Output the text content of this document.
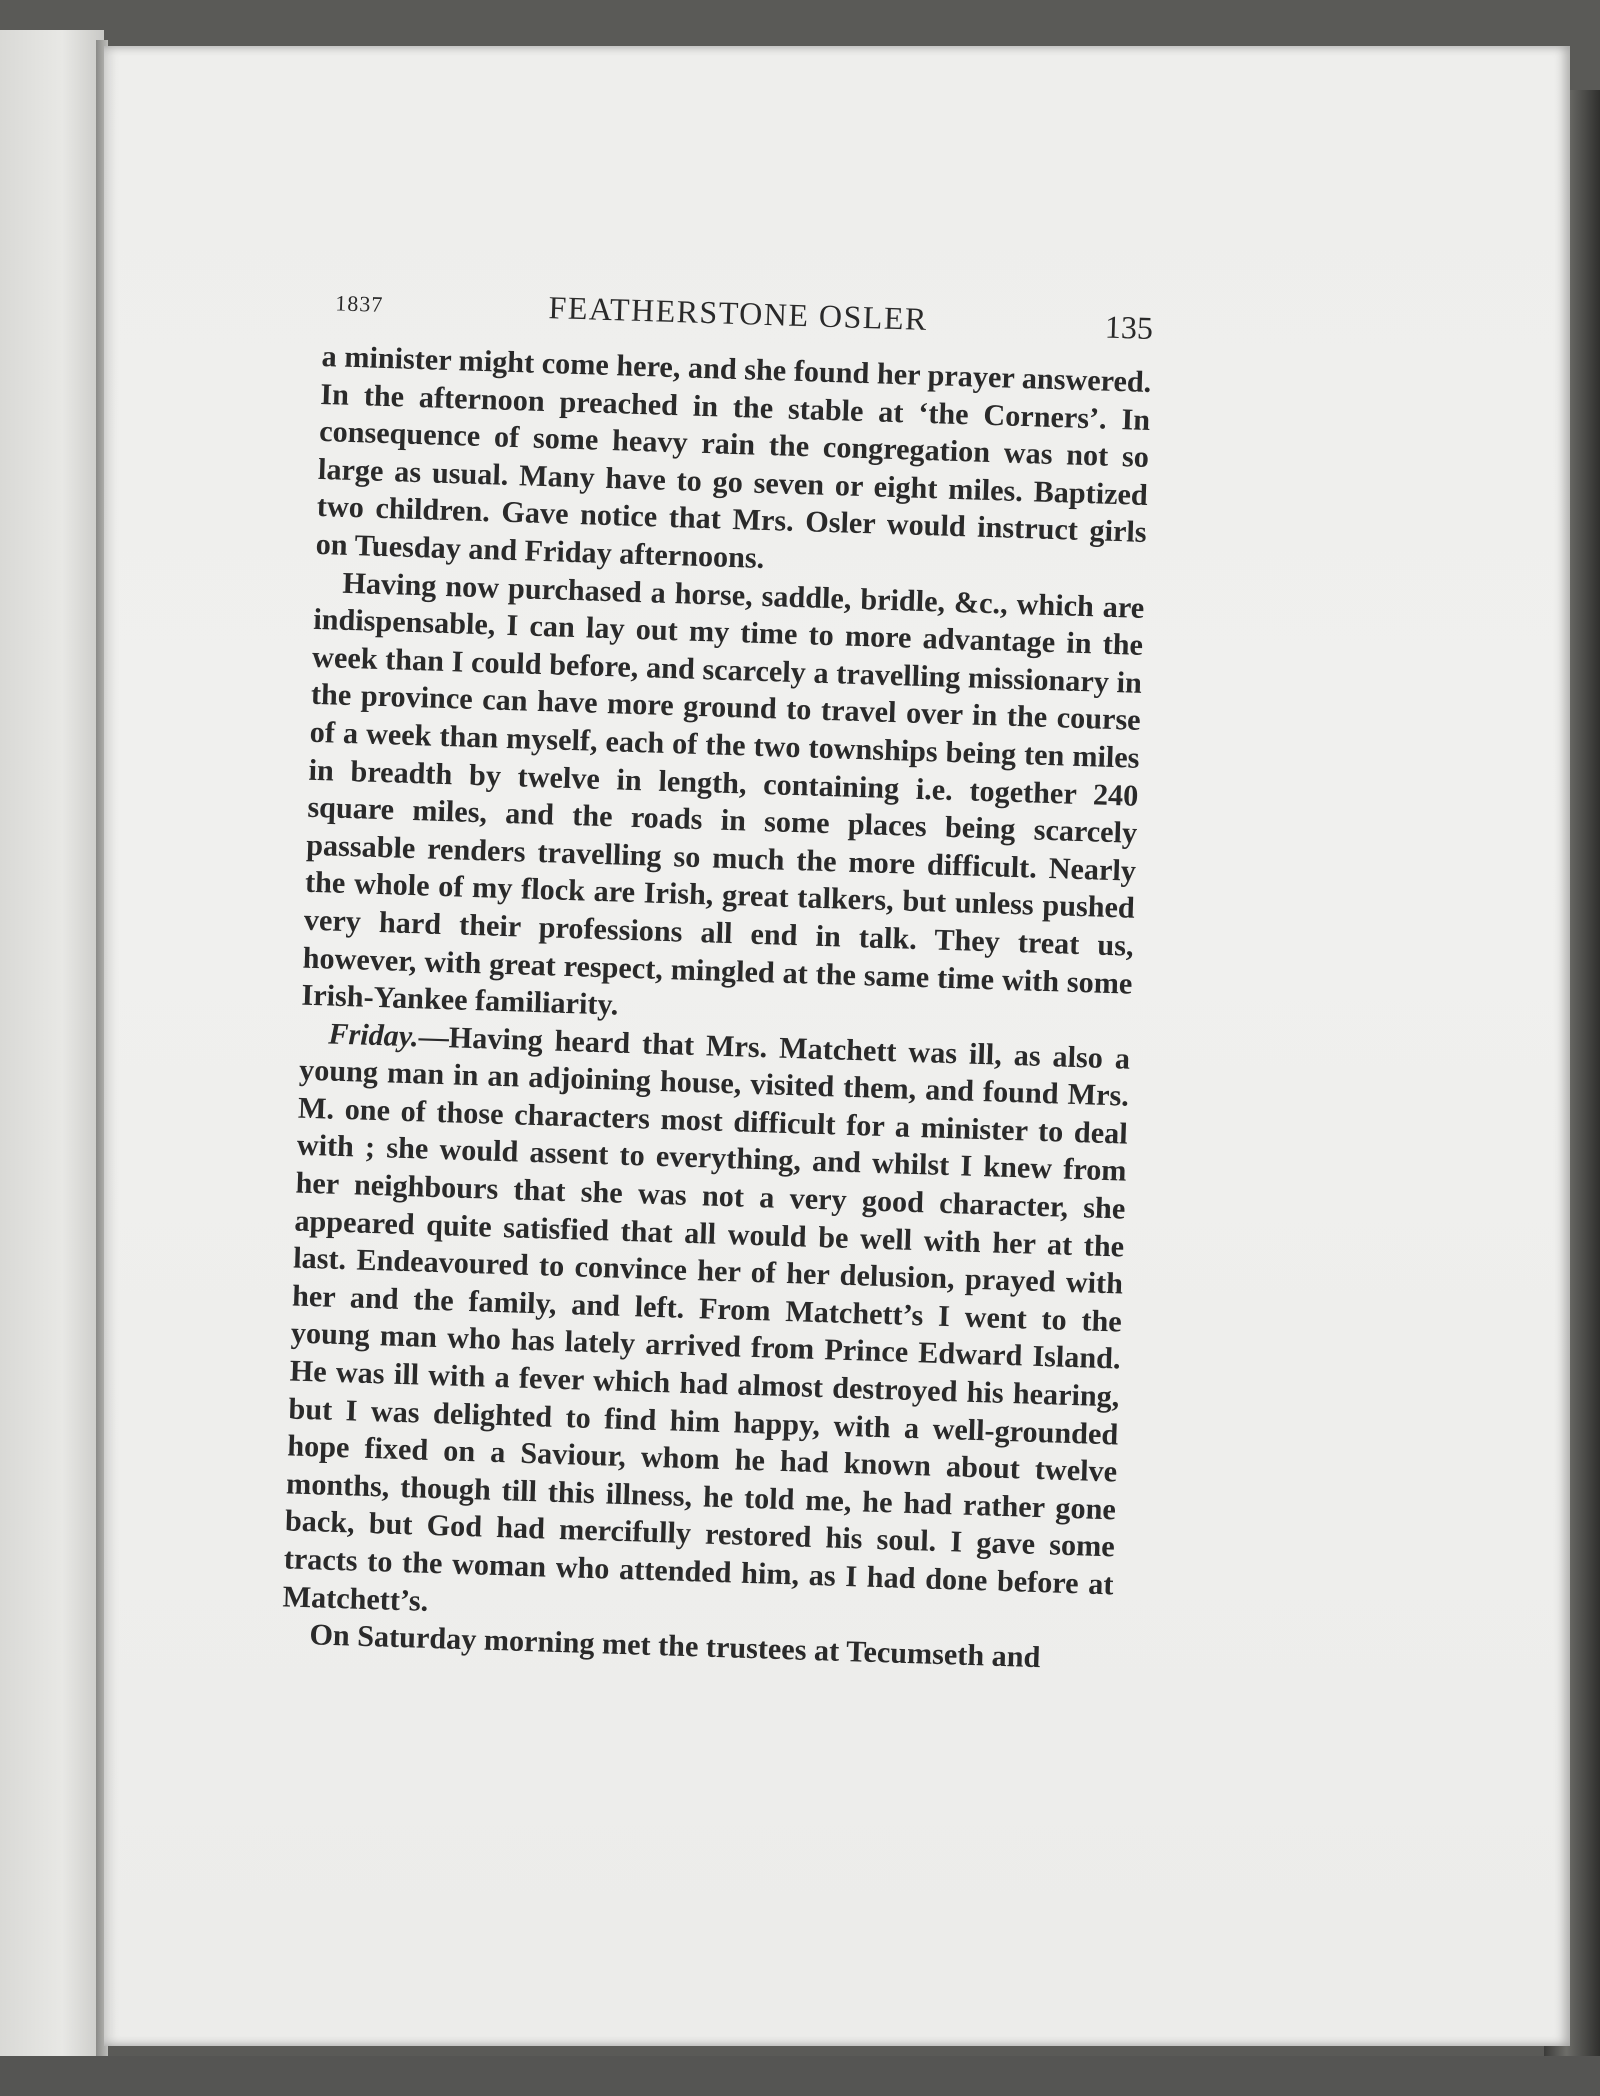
1837	FEATHERSTONE OSLER	135

a minister might come here, and she found her prayer answered. In the afternoon preached in the stable at ‘the Corners’. In consequence of some heavy rain the congregation was not so large as usual. Many have to go seven or eight miles. Baptized two children. Gave notice that Mrs. Osler would instruct girls on Tuesday and Friday afternoons.

Having now purchased a horse, saddle, bridle, &c., which are indispensable, I can lay out my time to more advantage in the week than I could before, and scarcely a travelling missionary in the province can have more ground to travel over in the course of a week than myself, each of the two townships being ten miles in breadth by twelve in length, containing i.e. together 240 square miles, and the roads in some places being scarcely passable renders travelling so much the more difficult. Nearly the whole of my flock are Irish, great talkers, but unless pushed very hard their professions all end in talk. They treat us, however, with great respect, mingled at the same time with some Irish-Yankee familiarity.

Friday.—Having heard that Mrs. Matchett was ill, as also a young man in an adjoining house, visited them, and found Mrs. M. one of those characters most difficult for a minister to deal with ; she would assent to everything, and whilst I knew from her neighbours that she was not a very good character, she appeared quite satisfied that all would be well with her at the last. Endeavoured to convince her of her delusion, prayed with her and the family, and left. From Matchett’s I went to the young man who has lately arrived from Prince Edward Island. He was ill with a fever which had almost destroyed his hearing, but I was delighted to find him happy, with a well-grounded hope fixed on a Saviour, whom he had known about twelve months, though till this illness, he told me, he had rather gone back, but God had mercifully restored his soul. I gave some tracts to the woman who attended him, as I had done before at Matchett’s.

On Saturday morning met the trustees at Tecumseth and
